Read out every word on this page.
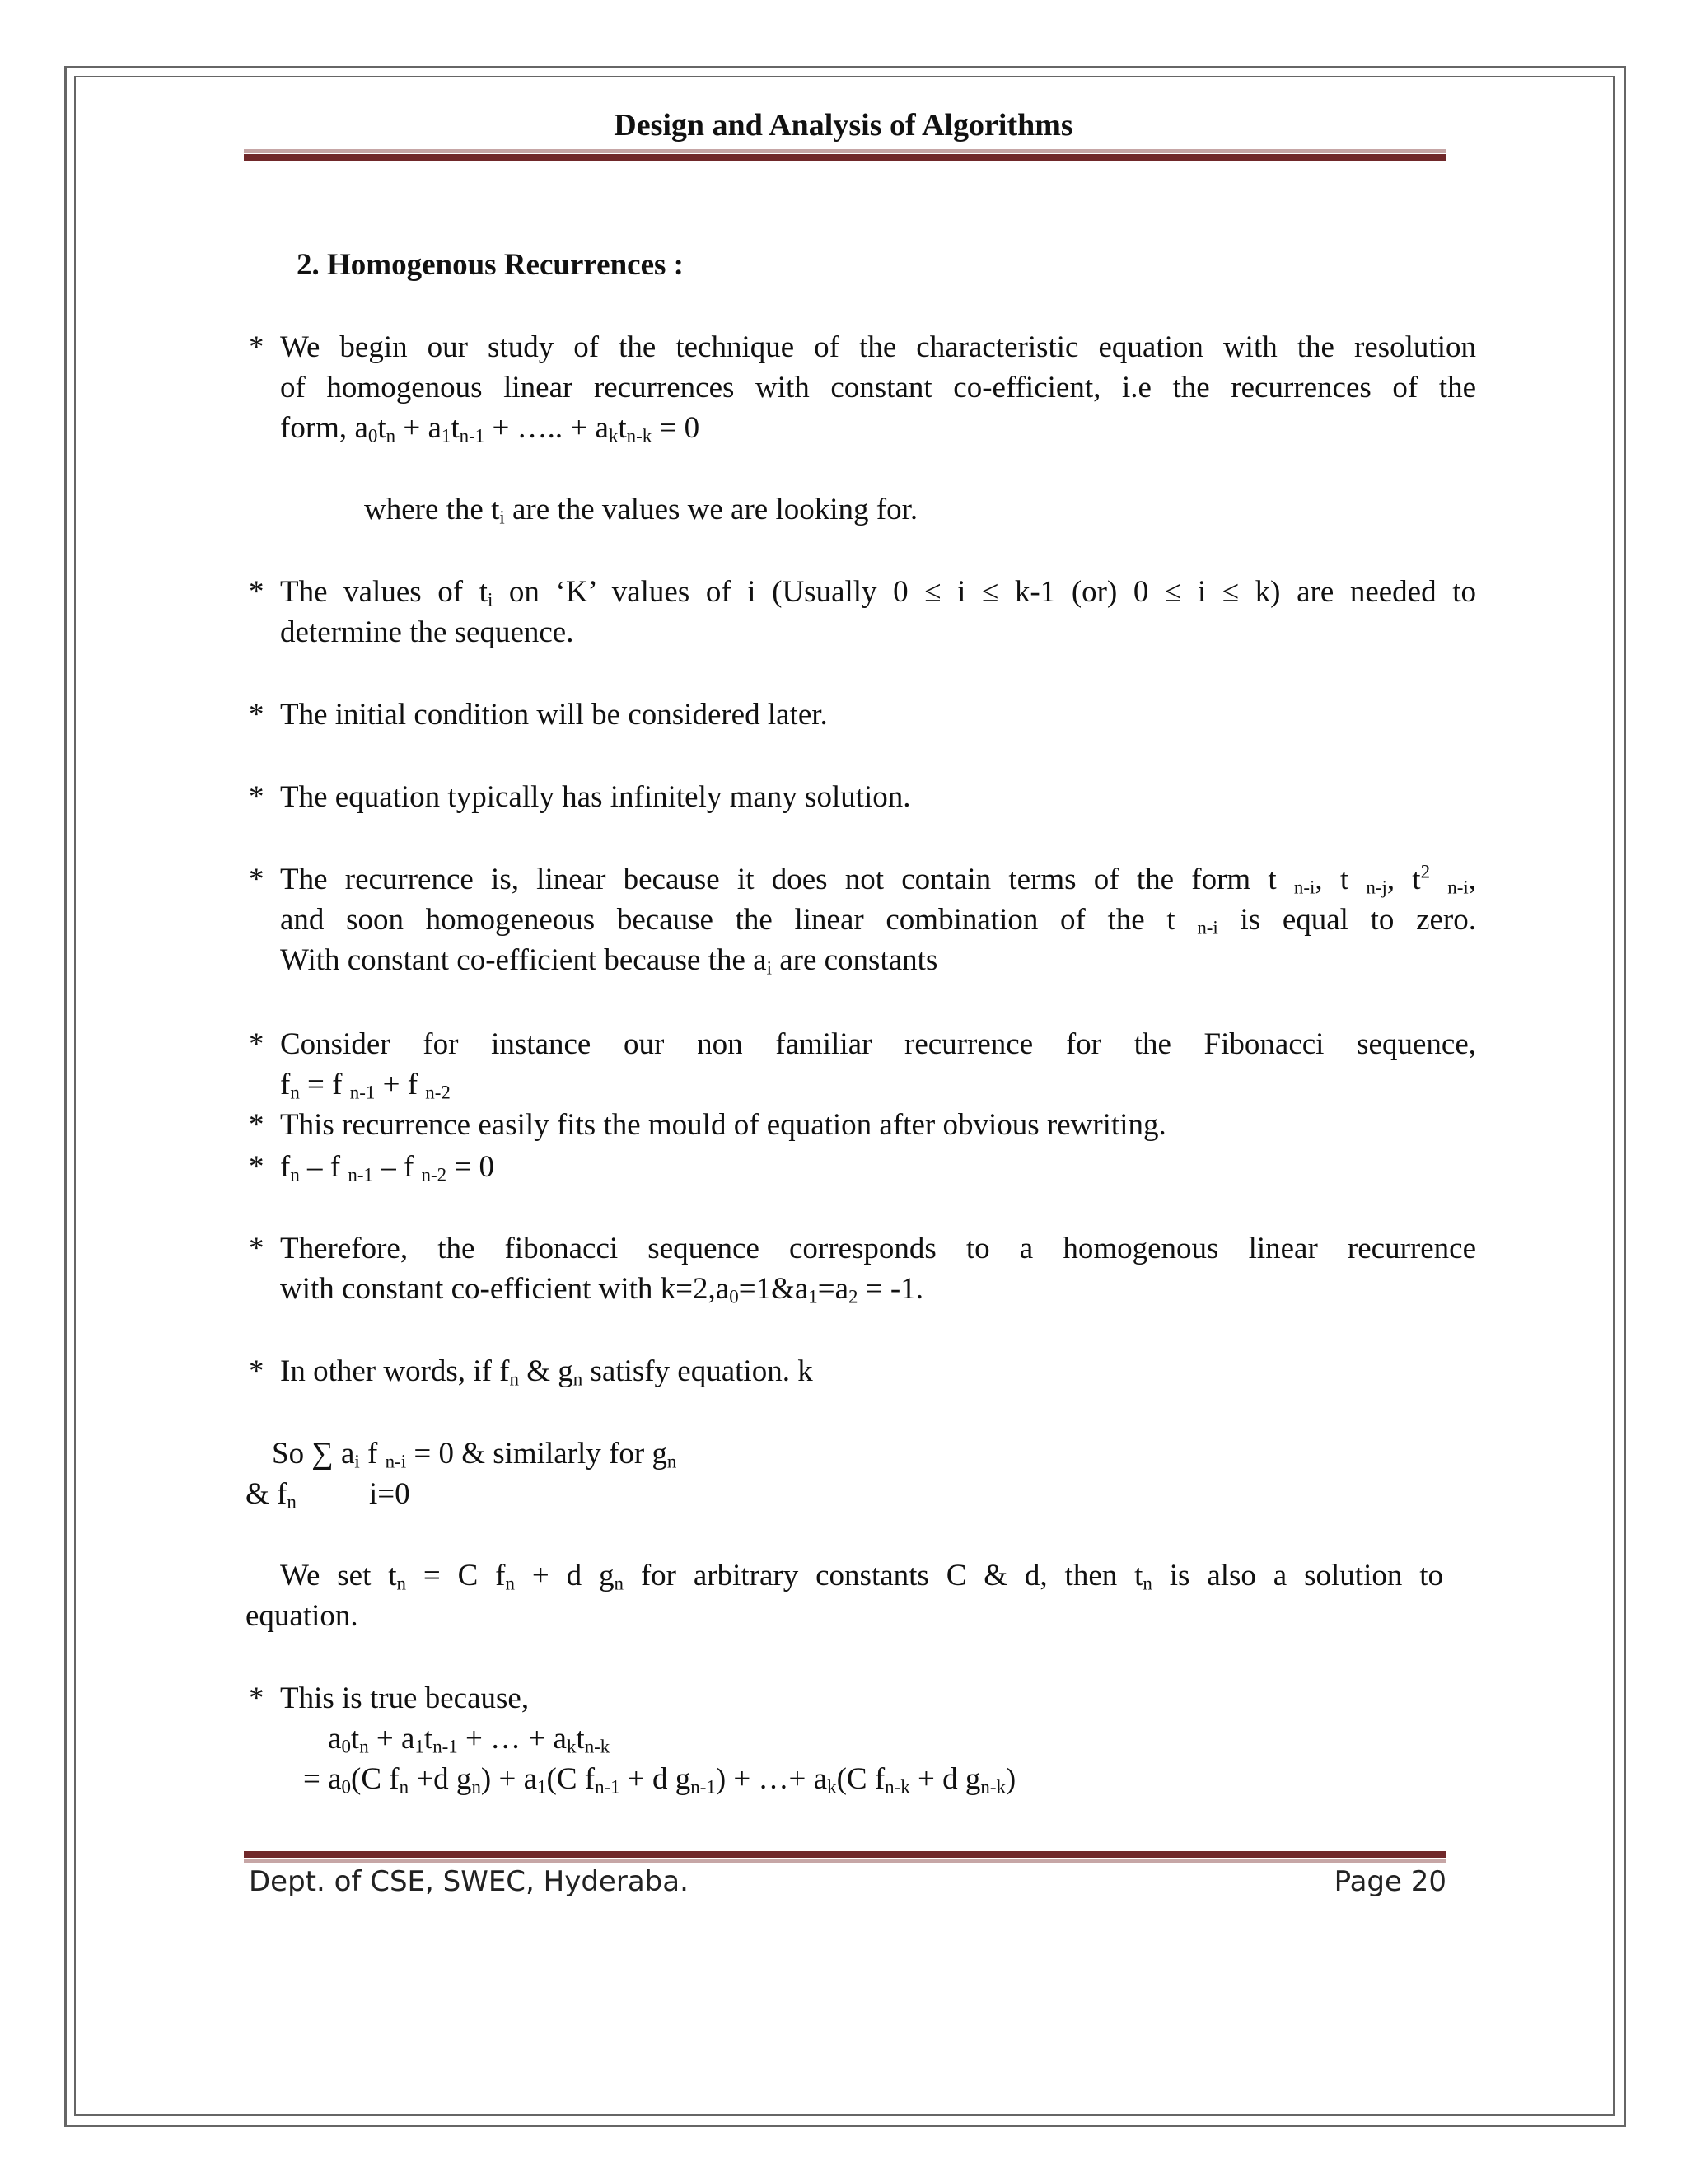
Design and Analysis of Algorithms
2. Homogenous Recurrences :
* We begin our study of the technique of the characteristic equation with the resolution
of homogenous linear recurrences with constant co-efficient, i.e the recurrences of the
form, $a_0t_n + a_1t_{n-1}$ + ….. + $a_kt_{n-k} = 0$
where the $t_i$ are the values we are looking for.
* The values of $t_i$ on ‘K’ values of i (Usually 0 ≤ i ≤ k-1 (or) 0 ≤ i ≤ k) are needed to
determine the sequence.
* The initial condition will be considered later.
* The equation typically has infinitely many solution.
* The recurrence is, linear because it does not contain terms of the form t $_{n-i}$, t $_{n-j}$, $t^2$ $_{n-i}$,
and soon homogeneous because the linear combination of the t $_{n-i}$ is equal to zero.
With constant co-efficient because the $a_i$ are constants
* Consider for instance our non familiar recurrence for the Fibonacci sequence,
$f_n = f$ $_{n-1}$ + f $_{n-2}$
* This recurrence easily fits the mould of equation after obvious rewriting.
* $f_n$ – f $_{n-1}$ – f $_{n-2}$ = 0
* Therefore, the fibonacci sequence corresponds to a homogenous linear recurrence
with constant co-efficient with $k=2,a_0=1\&a_1=a_2 = -1$.
* In other words, if $f_n$ & $g_n$ satisfy equation. k
So ∑ $a_i$ f $_{n-i}$ = 0 & similarly for $g_n$
& $f_n$ i=0
We set $t_n = C$ $f_n + d$ $g_n$ for arbitrary constants C & d, then $t_n$ is also a solution to
equation.
* This is true because,
$a_0t_n + a_1t_{n-1}$ + … + $a_kt_{n-k}$
= $a_0(C$ $f_n +d$ $g_n) + a_1(C$ $f_{n-1} + d$ $g_{n-1}$) + …+ $a_k(C$ $f_{n-k} + d$ $g_{n-k}$)
Dept. of CSE, SWEC, Hyderaba.	Page 20
